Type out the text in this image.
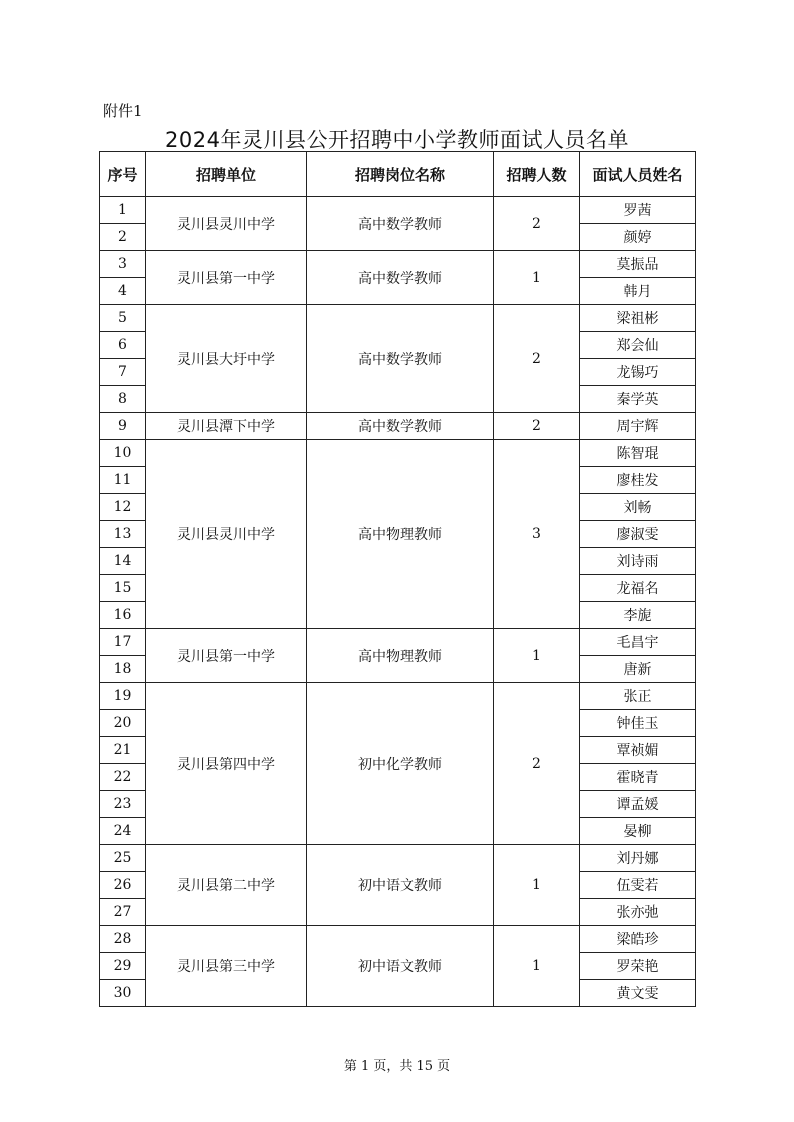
附件1
2024年灵川县公开招聘中小学教师面试人员名单
序号	招聘单位	招聘岗位名称	招聘人数	面试人员姓名
1	灵川县灵川中学	高中数学教师	2	罗茜
2				颜婷
3	灵川县第一中学	高中数学教师	1	莫振品
4				韩月
5	灵川县大圩中学	高中数学教师	2	梁祖彬
6				郑会仙
7				龙锡巧
8				秦学英
9	灵川县潭下中学	高中数学教师	2	周宇辉
10	灵川县灵川中学	高中物理教师	3	陈智琨
11				廖桂发
12				刘畅
13				廖淑雯
14				刘诗雨
15				龙福名
16				李旎
17	灵川县第一中学	高中物理教师	1	毛昌宇
18				唐新
19	灵川县第四中学	初中化学教师	2	张正
20				钟佳玉
21				覃祯媚
22				霍晓青
23				谭孟媛
24				晏柳
25	灵川县第二中学	初中语文教师	1	刘丹娜
26				伍雯若
27				张亦弛
28	灵川县第三中学	初中语文教师	1	梁皓珍
29				罗荣艳
30				黄文雯
第 1 页，共 15 页
